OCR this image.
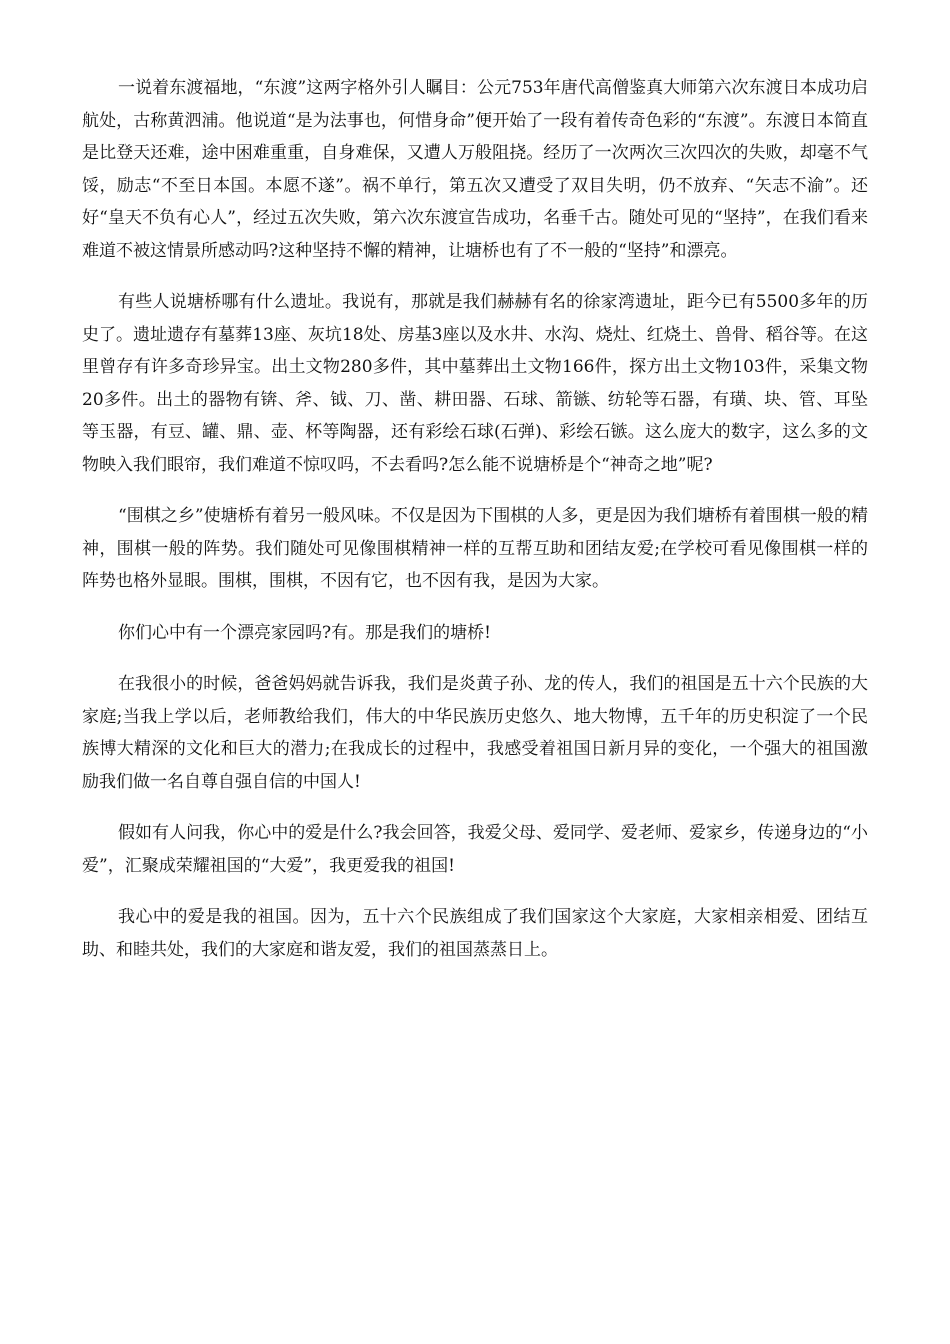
一说着东渡福地，“东渡”这两字格外引人瞩目：公元753年唐代高僧鉴真大师第六次东渡日本成功启航处，古称黄泗浦。他说道“是为法事也，何惜身命”便开始了一段有着传奇色彩的“东渡”。东渡日本简直是比登天还难，途中困难重重，自身难保，又遭人万般阻挠。经历了一次两次三次四次的失败，却毫不气馁，励志“不至日本国。本愿不遂”。祸不单行，第五次又遭受了双目失明，仍不放弃、“矢志不渝”。还好“皇天不负有心人”，经过五次失败，第六次东渡宣告成功，名垂千古。随处可见的“坚持”，在我们看来难道不被这情景所感动吗?这种坚持不懈的精神，让塘桥也有了不一般的“坚持”和漂亮。

有些人说塘桥哪有什么遗址。我说有，那就是我们赫赫有名的徐家湾遗址，距今已有5500多年的历史了。遗址遗存有墓葬13座、灰坑18处、房基3座以及水井、水沟、烧灶、红烧土、兽骨、稻谷等。在这里曾存有许多奇珍异宝。出土文物280多件，其中墓葬出土文物166件，探方出土文物103件，采集文物20多件。出土的器物有锛、斧、钺、刀、凿、耕田器、石球、箭镞、纺轮等石器，有璜、块、管、耳坠等玉器，有豆、罐、鼎、壶、杯等陶器，还有彩绘石球(石弹)、彩绘石镞。这么庞大的数字，这么多的文物映入我们眼帘，我们难道不惊叹吗，不去看吗?怎么能不说塘桥是个“神奇之地”呢?

“围棋之乡”使塘桥有着另一般风味。不仅是因为下围棋的人多，更是因为我们塘桥有着围棋一般的精神，围棋一般的阵势。我们随处可见像围棋精神一样的互帮互助和团结友爱;在学校可看见像围棋一样的阵势也格外显眼。围棋，围棋，不因有它，也不因有我，是因为大家。

你们心中有一个漂亮家园吗?有。那是我们的塘桥!

在我很小的时候，爸爸妈妈就告诉我，我们是炎黄子孙、龙的传人，我们的祖国是五十六个民族的大家庭;当我上学以后，老师教给我们，伟大的中华民族历史悠久、地大物博，五千年的历史积淀了一个民族博大精深的文化和巨大的潜力;在我成长的过程中，我感受着祖国日新月异的变化，一个强大的祖国激励我们做一名自尊自强自信的中国人!

假如有人问我，你心中的爱是什么?我会回答，我爱父母、爱同学、爱老师、爱家乡，传递身边的“小爱”，汇聚成荣耀祖国的“大爱”，我更爱我的祖国!

我心中的爱是我的祖国。因为，五十六个民族组成了我们国家这个大家庭，大家相亲相爱、团结互助、和睦共处，我们的大家庭和谐友爱，我们的祖国蒸蒸日上。
